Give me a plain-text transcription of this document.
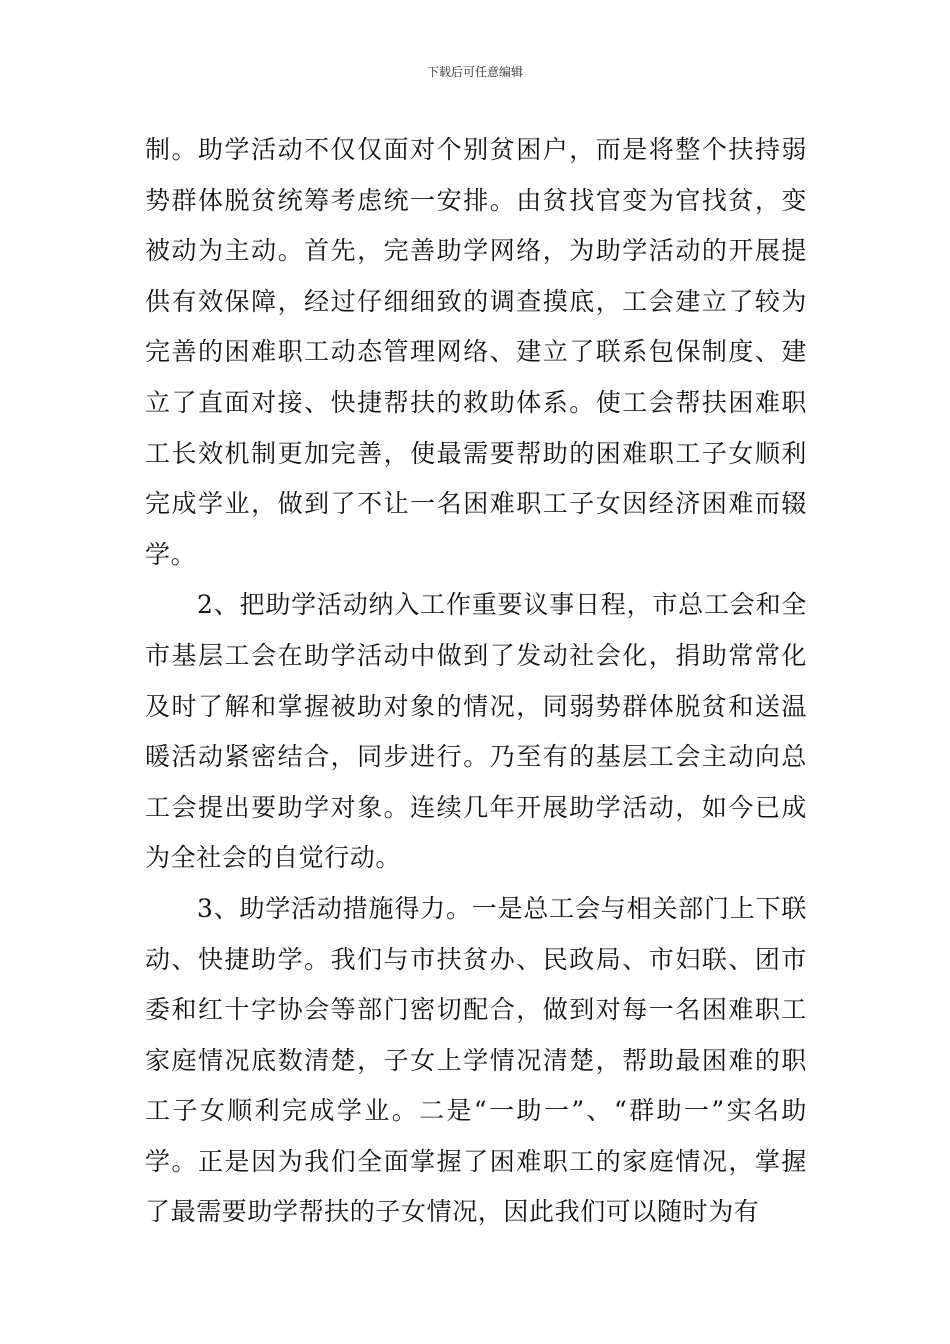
下载后可任意编辑

制。助学活动不仅仅面对个别贫困户，而是将整个扶持弱势群体脱贫统筹考虑统一安排。由贫找官变为官找贫，变被动为主动。首先，完善助学网络，为助学活动的开展提供有效保障，经过仔细细致的调查摸底，工会建立了较为完善的困难职工动态管理网络、建立了联系包保制度、建立了直面对接、快捷帮扶的救助体系。使工会帮扶困难职工长效机制更加完善，使最需要帮助的困难职工子女顺利完成学业，做到了不让一名困难职工子女因经济困难而辍学。

2、把助学活动纳入工作重要议事日程，市总工会和全市基层工会在助学活动中做到了发动社会化，捐助常常化及时了解和掌握被助对象的情况，同弱势群体脱贫和送温暖活动紧密结合，同步进行。乃至有的基层工会主动向总工会提出要助学对象。连续几年开展助学活动，如今已成为全社会的自觉行动。

3、助学活动措施得力。一是总工会与相关部门上下联动、快捷助学。我们与市扶贫办、民政局、市妇联、团市委和红十字协会等部门密切配合，做到对每一名困难职工家庭情况底数清楚，子女上学情况清楚，帮助最困难的职工子女顺利完成学业。二是“一助一”、“群助一”实名助学。正是因为我们全面掌握了困难职工的家庭情况，掌握了最需要助学帮扶的子女情况，因此我们可以随时为有
